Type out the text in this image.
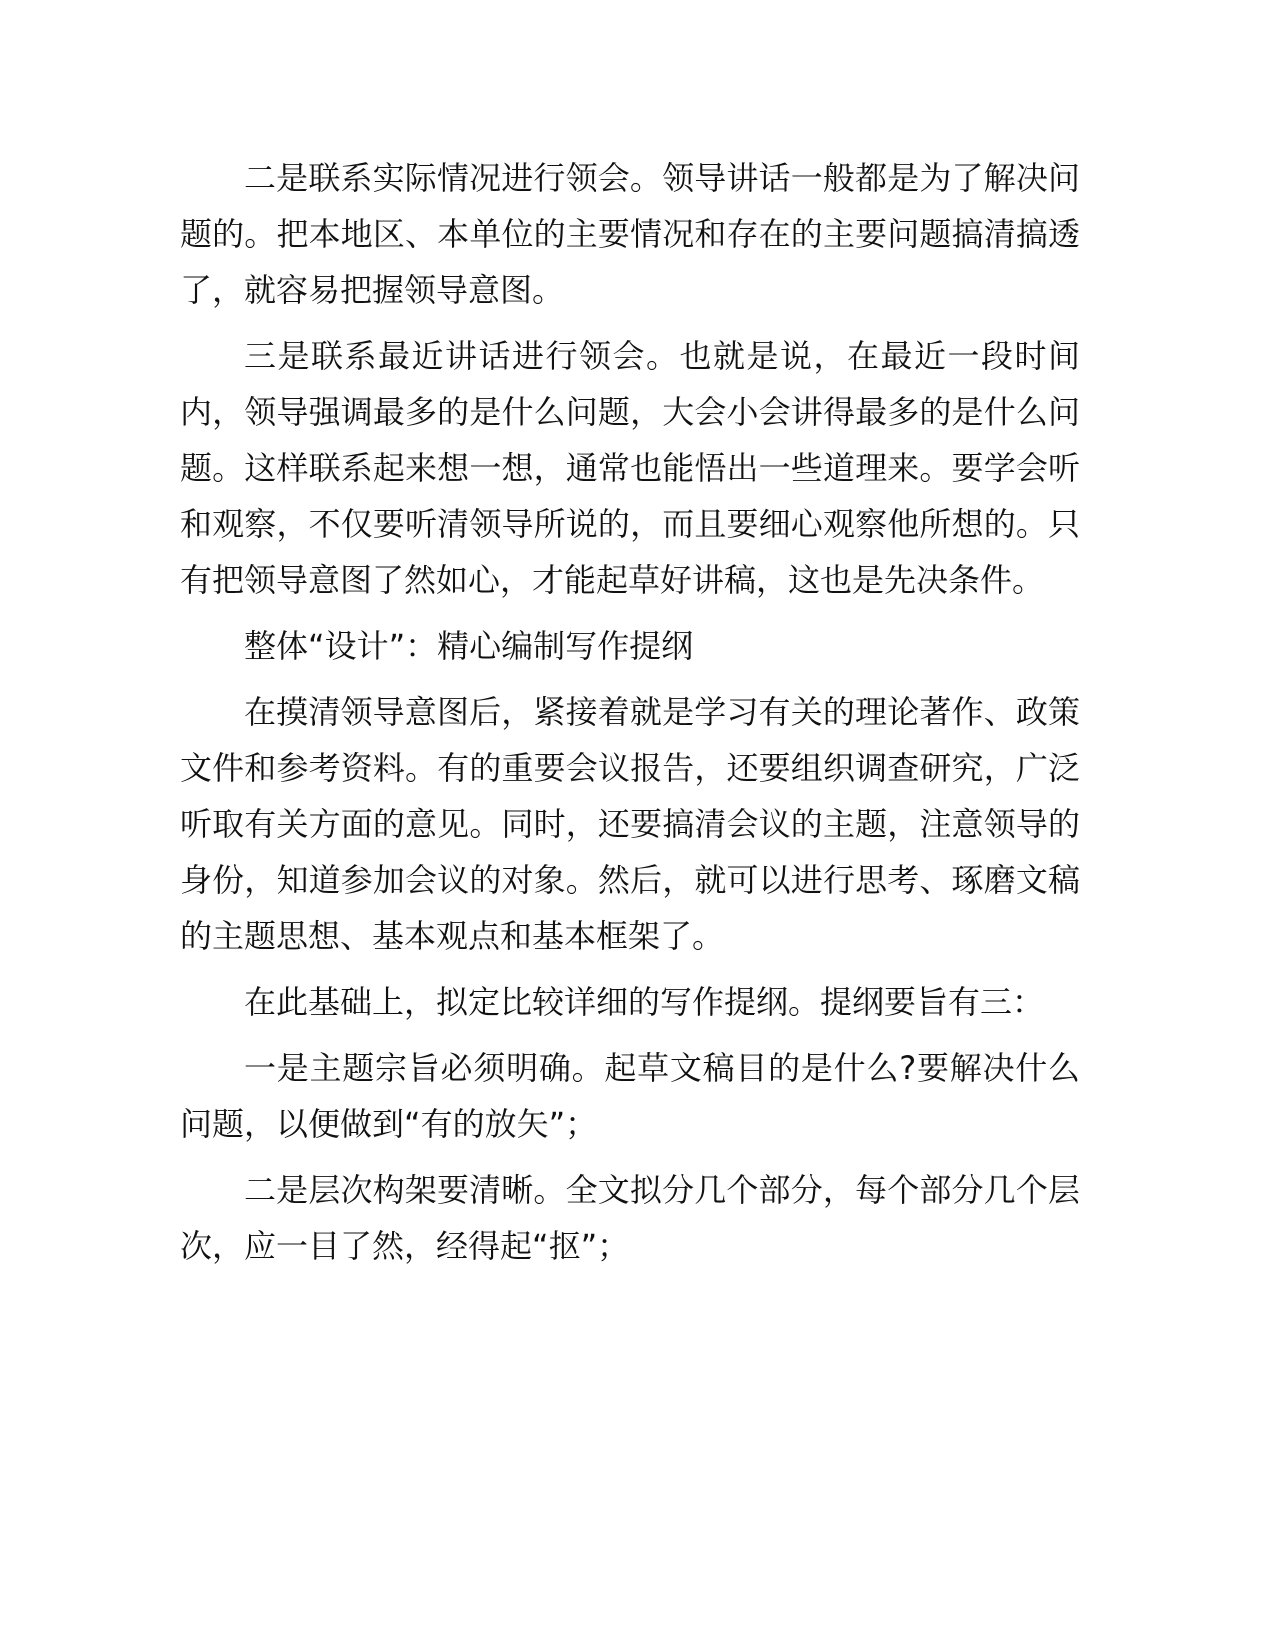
二是联系实际情况进行领会。领导讲话一般都是为了解决问题的。把本地区、本单位的主要情况和存在的主要问题搞清搞透了，就容易把握领导意图。

三是联系最近讲话进行领会。也就是说，在最近一段时间内，领导强调最多的是什么问题，大会小会讲得最多的是什么问题。这样联系起来想一想，通常也能悟出一些道理来。要学会听和观察，不仅要听清领导所说的，而且要细心观察他所想的。只有把领导意图了然如心，才能起草好讲稿，这也是先决条件。

整体“设计”：精心编制写作提纲

在摸清领导意图后，紧接着就是学习有关的理论著作、政策文件和参考资料。有的重要会议报告，还要组织调查研究，广泛听取有关方面的意见。同时，还要搞清会议的主题，注意领导的身份，知道参加会议的对象。然后，就可以进行思考、琢磨文稿的主题思想、基本观点和基本框架了。

在此基础上，拟定比较详细的写作提纲。提纲要旨有三：

一是主题宗旨必须明确。起草文稿目的是什么?要解决什么问题，以便做到“有的放矢”；

二是层次构架要清晰。全文拟分几个部分，每个部分几个层次，应一目了然，经得起“抠”；
